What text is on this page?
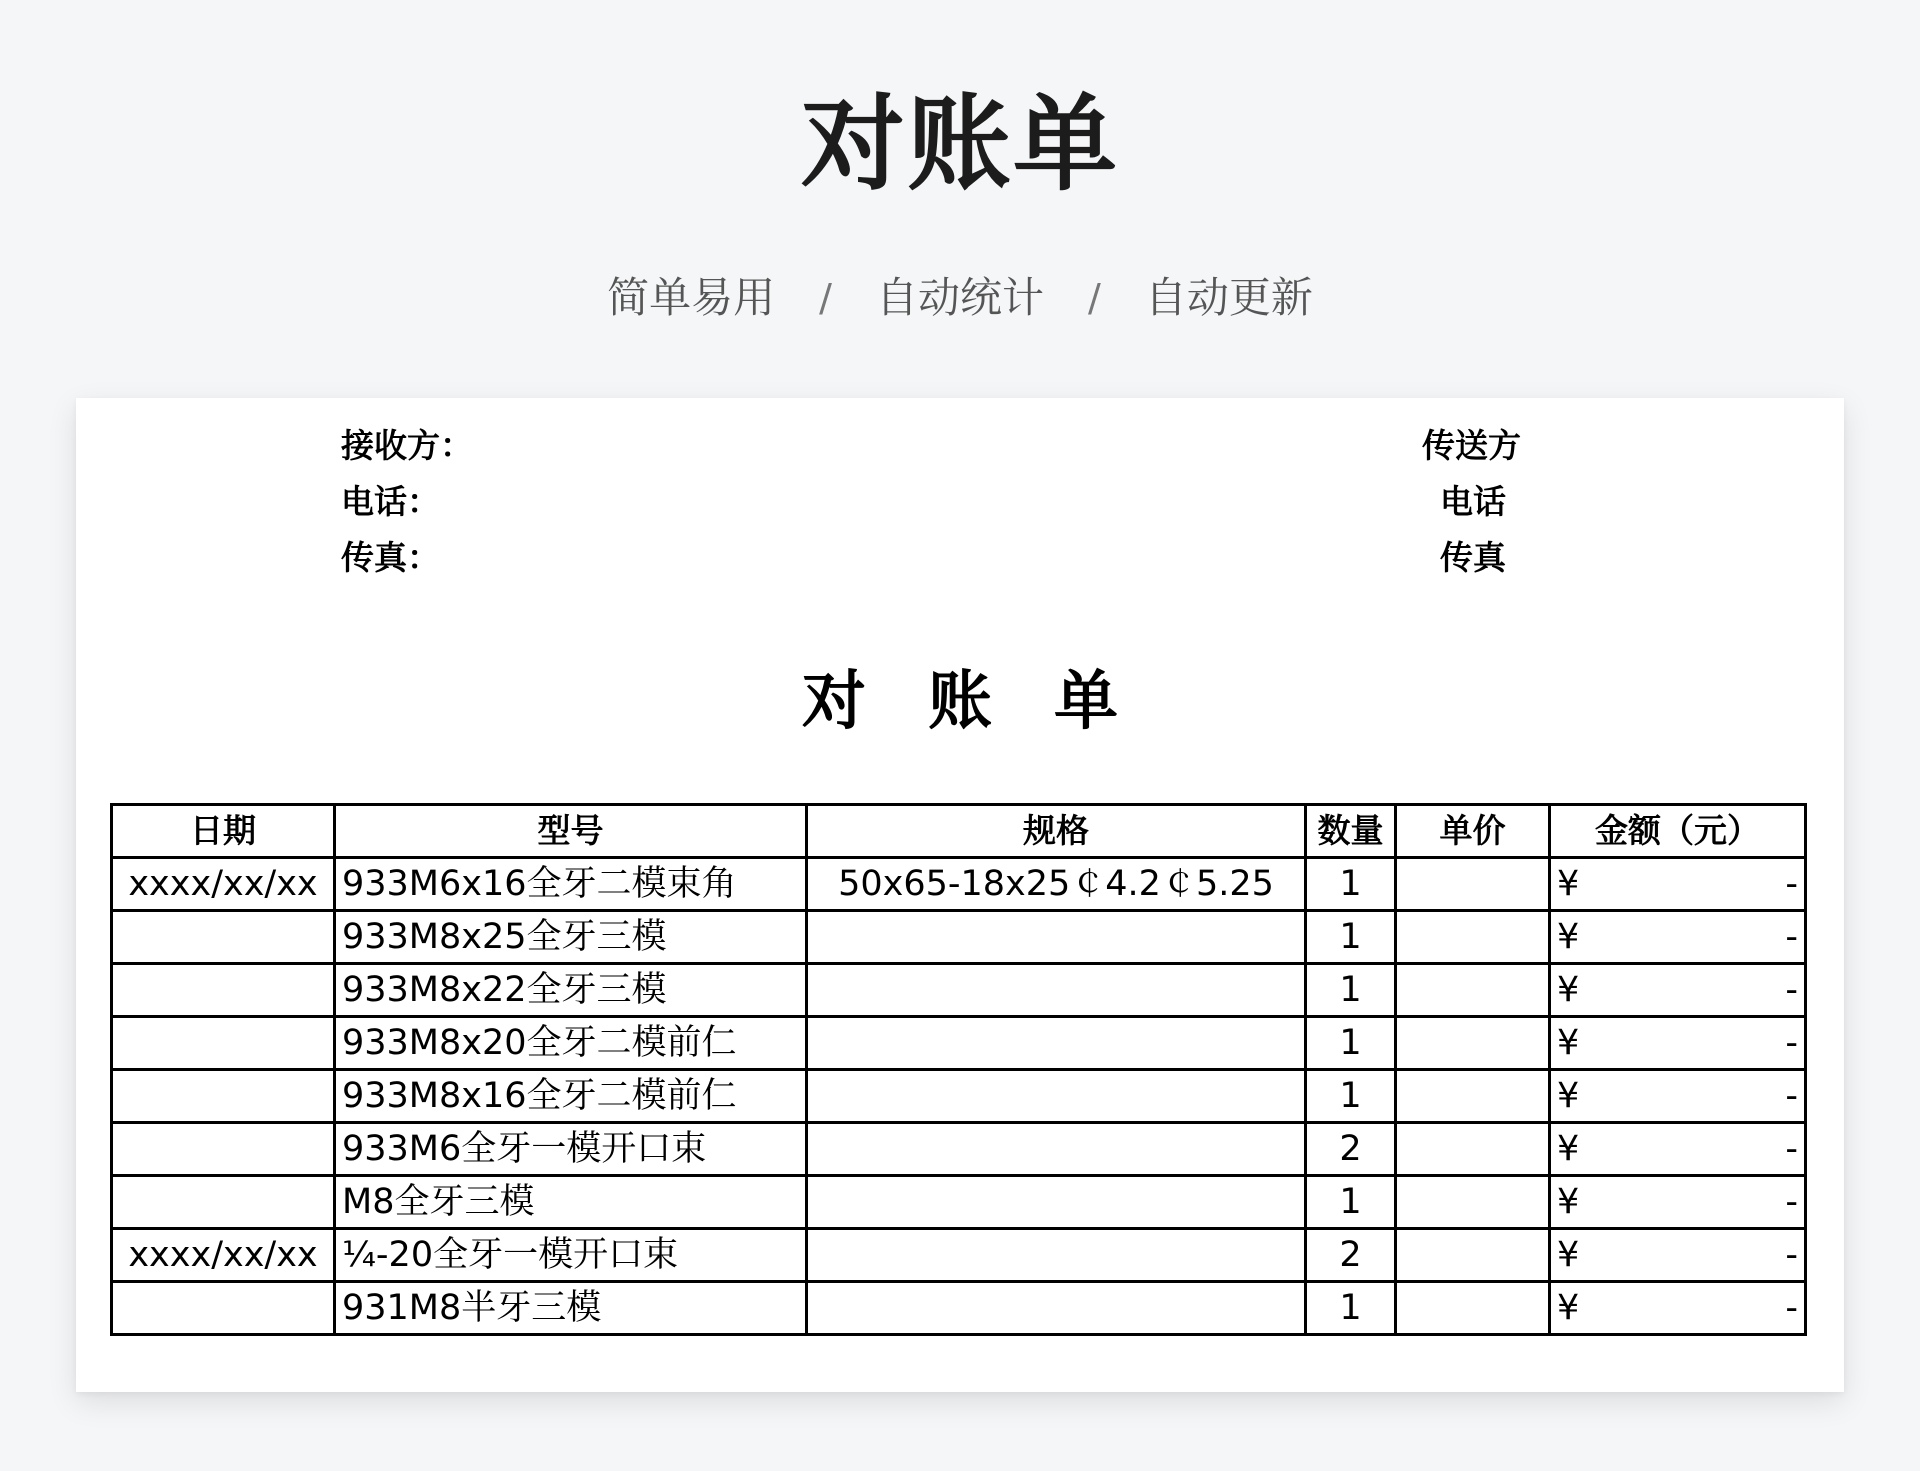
对账单
简单易用 / 自动统计 / 自动更新
接收方：
电话：
传真：
传送方
电话
传真
对账单
日期	型号	规格	数量	单价	金额（元）
xxxx/xx/xx	933M6x16全牙二模束角	50x65-18x25￠4.2￠5.25	1		¥ -

	933M8x25全牙三模		1		¥ -

	933M8x22全牙三模		1		¥ -

	933M8x20全牙二模前仁		1		¥ -

	933M8x16全牙二模前仁		1		¥ -

	933M6全牙一模开口束		2		¥ -

	M8全牙三模		1		¥ -

xxxx/xx/xx	¼-20全牙一模开口束		2		¥ -

	931M8半牙三模		1		¥ -
